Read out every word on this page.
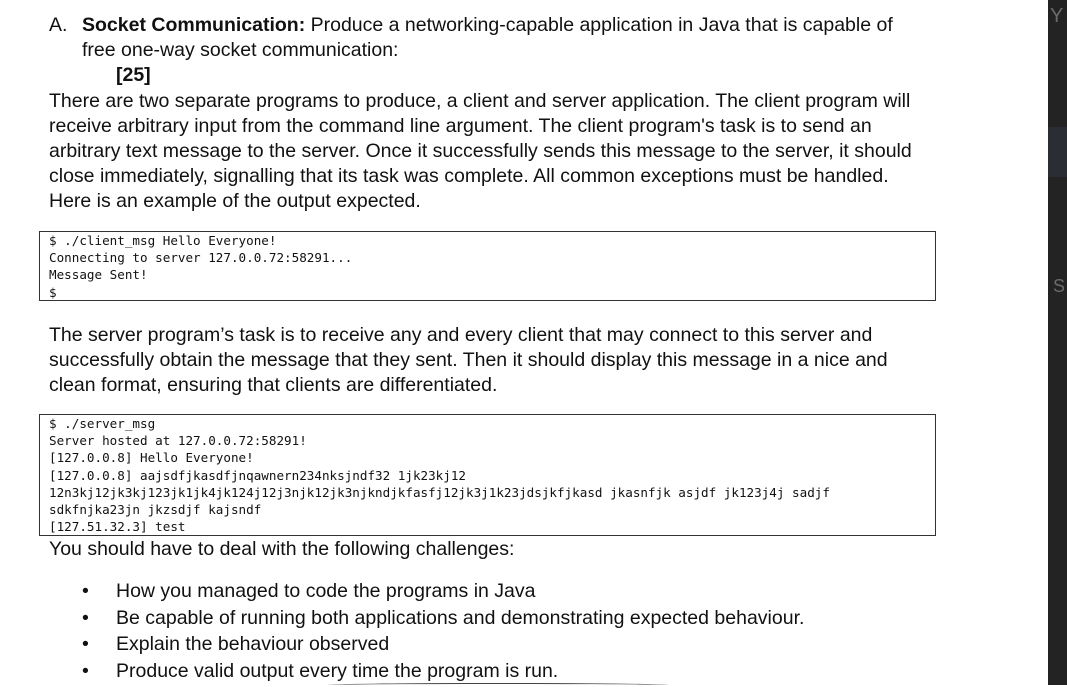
A. Socket Communication: Produce a networking-capable application in Java that is capable of
free one-way socket communication:
[25]
There are two separate programs to produce, a client and server application. The client program will
receive arbitrary input from the command line argument. The client program's task is to send an
arbitrary text message to the server. Once it successfully sends this message to the server, it should
close immediately, signalling that its task was complete. All common exceptions must be handled.
Here is an example of the output expected.
$ ./client_msg Hello Everyone!
Connecting to server 127.0.0.72:58291...
Message Sent!
$
The server program’s task is to receive any and every client that may connect to this server and
successfully obtain the message that they sent. Then it should display this message in a nice and
clean format, ensuring that clients are differentiated.
$ ./server_msg
Server hosted at 127.0.0.72:58291!
[127.0.0.8] Hello Everyone!
[127.0.0.8] aajsdfjkasdfjnqawnern234nksjndf32 1jk23kj12
12n3kj12jk3kj123jk1jk4jk124j12j3njk12jk3njkndjkfasfj12jk3j1k23jdsjkfjkasd jkasnfjk asjdf jk123j4j sadjf
sdkfnjka23jn jkzsdjf kajsndf
[127.51.32.3] test
You should have to deal with the following challenges:
•	How you managed to code the programs in Java
•	Be capable of running both applications and demonstrating expected behaviour.
•	Explain the behaviour observed
•	Produce valid output every time the program is run.
Y
S
